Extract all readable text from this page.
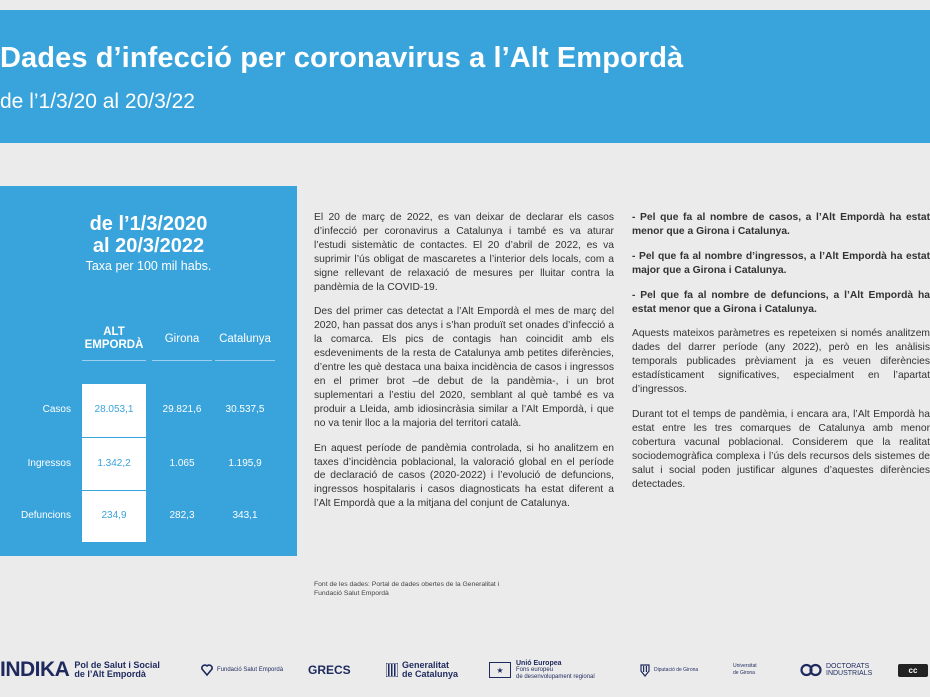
Dades d’infecció per coronavirus a l’Alt Empordà
de l’1/3/20 al 20/3/22
de l’1/3/2020
al 20/3/2022
Taxa per 100 mil habs.
ALT EMPORDÀ	Girona	Catalunya
Casos	28.053,1	29.821,6	30.537,5
Ingressos	1.342,2	1.065	1.195,9
Defuncions	234,9	282,3	343,1

El 20 de març de 2022, es van deixar de declarar els casos d’infecció per coronavirus a Catalunya i també es va aturar l’estudi sistemàtic de contactes. El 20 d’abril de 2022, es va suprimir l’ús obligat de mascaretes a l’interior dels locals, com a signe rellevant de relaxació de mesures per lluitar contra la pandèmia de la COVID-19.

Des del primer cas detectat a l’Alt Empordà el mes de març del 2020, han passat dos anys i s’han produït set onades d’infecció a la comarca. Els pics de contagis han coincidit amb els esdeveniments de la resta de Catalunya amb petites diferències, d’entre les què destaca una baixa incidència de casos i ingressos en el primer brot –de debut de la pandèmia-, i un brot suplementari a l’estiu del 2020, semblant al què també es va produir a Lleida, amb idiosincràsia similar a l’Alt Empordà, i que no va tenir lloc a la majoria del territori català.

En aquest període de pandèmia controlada, si ho analitzem en taxes d’incidència poblacional, la valoració global en el període de declaració de casos (2020-2022) i l’evolució de defuncions, ingressos hospitalaris i casos diagnosticats ha estat diferent a l’Alt Empordà que a la mitjana del conjunt de Catalunya.

Font de les dades: Portal de dades obertes de la Generalitat i
Fundació Salut Empordà

- Pel que fa al nombre de casos, a l’Alt Empordà ha estat menor que a Girona i Catalunya.

- Pel que fa al nombre d’ingressos, a l’Alt Empordà ha estat major que a Girona i Catalunya.

- Pel que fa al nombre de defuncions, a l’Alt Empordà ha estat menor que a Girona i Catalunya.

Aquests mateixos paràmetres es repeteixen si només analitzem dades del darrer període (any 2022), però en les anàlisis temporals publicades prèviament ja es veuen diferències estadísticament significatives, especialment en l’apartat d’ingressos.

Durant tot el temps de pandèmia, i encara ara, l’Alt Empordà ha estat entre les tres comarques de Catalunya amb menor cobertura vacunal poblacional. Considerem que la realitat sociodemogràfica complexa i l’ús dels recursos dels sistemes de salut i social poden justificar algunes d’aquestes diferències detectades.

INDIKA Pol de Salut i Social
de l’Alt Empordà	Fundació Salut Empordà GRECS	Generalitat
de Catalunya	★
Unió Europea
Fons europeu
de desenvolupament regional
Diputació de Girona
Universitat
de Girona
DOCTORATS
INDUSTRIALS	cc
